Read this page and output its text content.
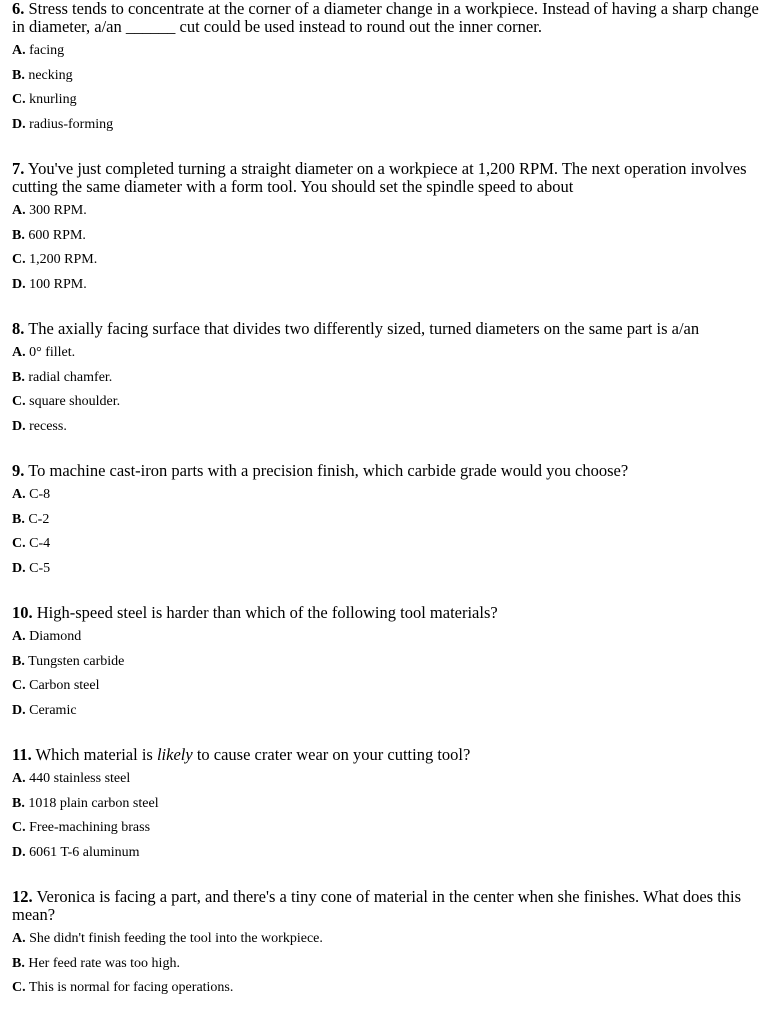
6. Stress tends to concentrate at the corner of a diameter change in a workpiece. Instead of having a sharp change in diameter, a/an ______ cut could be used instead to round out the inner corner.

A. facing
B. necking
C. knurling
D. radius-forming

7. You've just completed turning a straight diameter on a workpiece at 1,200 RPM. The next operation involves cutting the same diameter with a form tool. You should set the spindle speed to about

A. 300 RPM.
B. 600 RPM.
C. 1,200 RPM.
D. 100 RPM.

8. The axially facing surface that divides two differently sized, turned diameters on the same part is a/an

A. 0° fillet.
B. radial chamfer.
C. square shoulder.
D. recess.

9. To machine cast-iron parts with a precision finish, which carbide grade would you choose?

A. C-8
B. C-2
C. C-4
D. C-5

10. High-speed steel is harder than which of the following tool materials?

A. Diamond
B. Tungsten carbide
C. Carbon steel
D. Ceramic

11. Which material is likely to cause crater wear on your cutting tool?

A. 440 stainless steel
B. 1018 plain carbon steel
C. Free-machining brass
D. 6061 T-6 aluminum

12. Veronica is facing a part, and there's a tiny cone of material in the center when she finishes. What does this mean?

A. She didn't finish feeding the tool into the workpiece.
B. Her feed rate was too high.
C. This is normal for facing operations.
